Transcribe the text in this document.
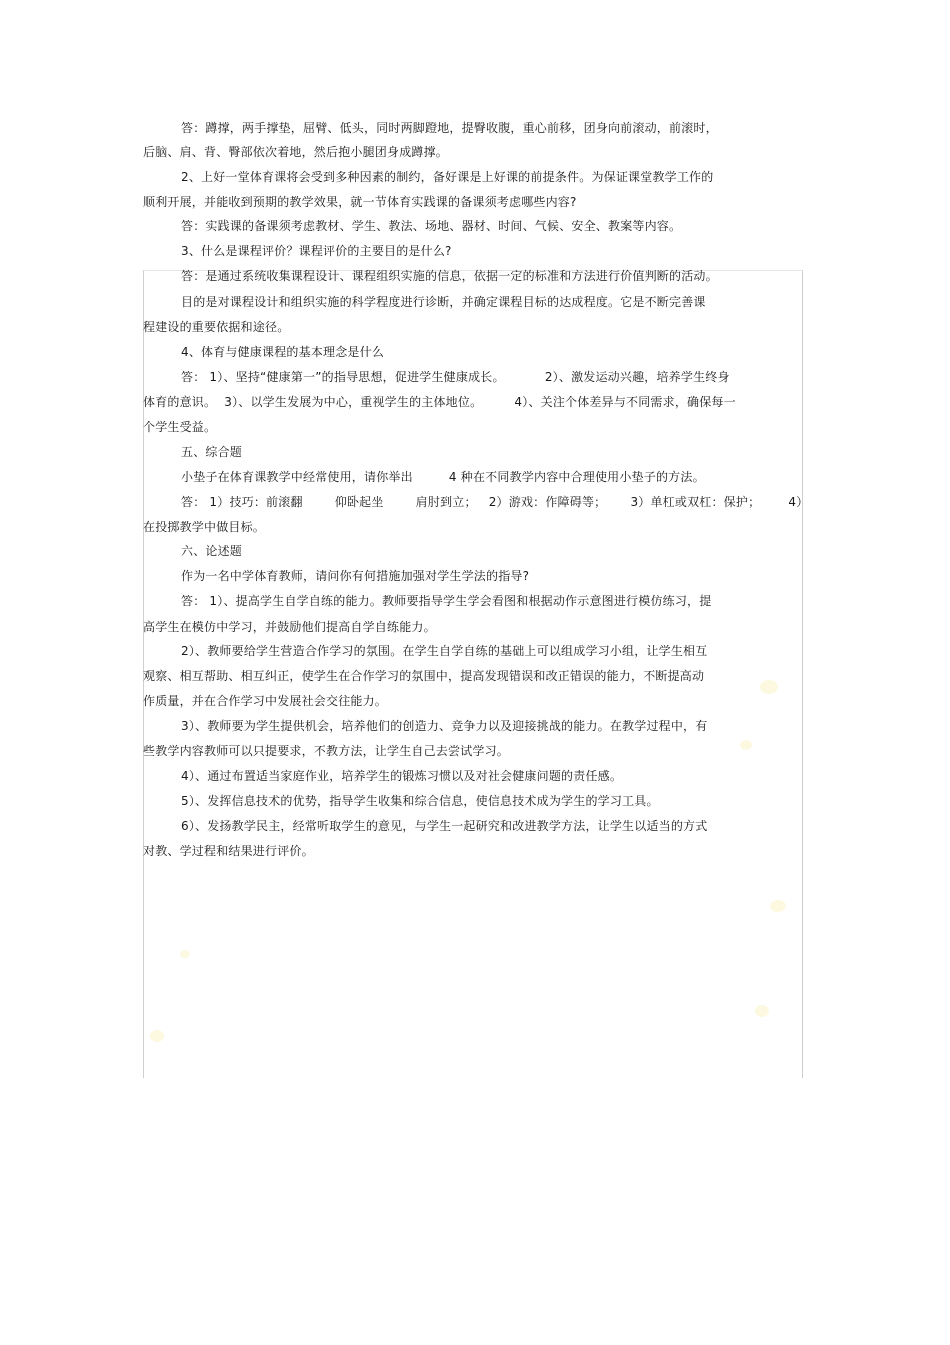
答：蹲撑，两手撑垫，屈臂、低头，同时两脚蹬地，提臀收腹，重心前移，团身向前滚动，前滚时，
后脑、肩、背、臀部依次着地，然后抱小腿团身成蹲撑。
2、上好一堂体育课将会受到多种因素的制约，备好课是上好课的前提条件。为保证课堂教学工作的
顺利开展，并能收到预期的教学效果，就一节体育实践课的备课须考虑哪些内容?
答：实践课的备课须考虑教材、学生、教法、场地、器材、时间、气候、安全、教案等内容。
3、什么是课程评价？课程评价的主要目的是什么?
答：是通过系统收集课程设计、课程组织实施的信息，依据一定的标准和方法进行价值判断的活动。
目的是对课程设计和组织实施的科学程度进行诊断，并确定课程目标的达成程度。它是不断完善课
程建设的重要依据和途径。
4、体育与健康课程的基本理念是什么
答： 1）、坚持“健康第一”的指导思想，促进学生健康成长。          2）、激发运动兴趣，培养学生终身
体育的意识。  3）、以学生发展为中心，重视学生的主体地位。        4）、关注个体差异与不同需求，确保每一
个学生受益。
五、综合题
小垫子在体育课教学中经常使用，请你举出         4 种在不同教学内容中合理使用小垫子的方法。
答： 1）技巧：前滚翻        仰卧起坐        肩肘到立；   2）游戏：作障碍等；      3）单杠或双杠：保护；       4）
在投掷教学中做目标。
六、论述题
作为一名中学体育教师，请问你有何措施加强对学生学法的指导?
答： 1）、提高学生自学自练的能力。教师要指导学生学会看图和根据动作示意图进行模仿练习，提
高学生在模仿中学习，并鼓励他们提高自学自练能力。
2）、教师要给学生营造合作学习的氛围。在学生自学自练的基础上可以组成学习小组，让学生相互
观察、相互帮助、相互纠正，使学生在合作学习的氛围中，提高发现错误和改正错误的能力，不断提高动
作质量，并在合作学习中发展社会交往能力。
3）、教师要为学生提供机会，培养他们的创造力、竞争力以及迎接挑战的能力。在教学过程中，有
些教学内容教师可以只提要求，不教方法，让学生自己去尝试学习。
4）、通过布置适当家庭作业，培养学生的锻炼习惯以及对社会健康问题的责任感。
5）、发挥信息技术的优势，指导学生收集和综合信息，使信息技术成为学生的学习工具。
6）、发扬教学民主，经常听取学生的意见，与学生一起研究和改进教学方法，让学生以适当的方式
对教、学过程和结果进行评价。
